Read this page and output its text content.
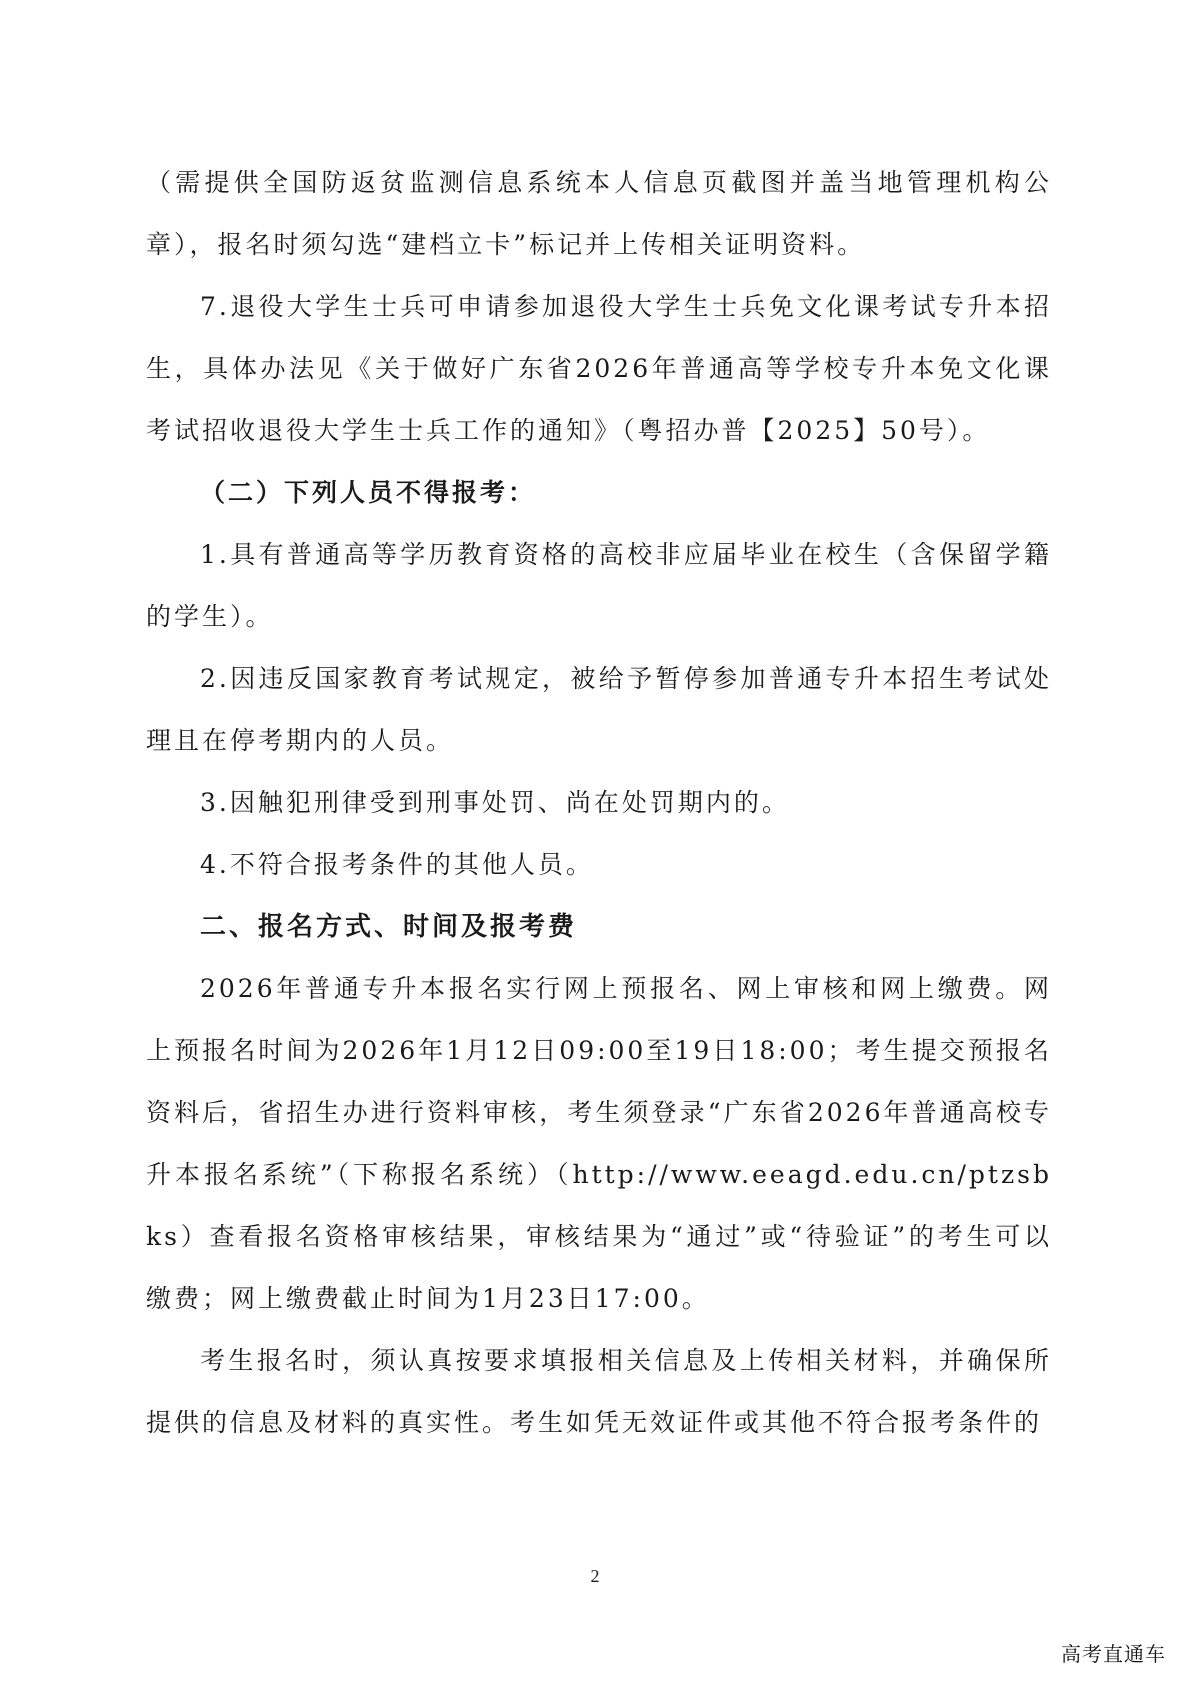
（需提供全国防返贫监测信息系统本人信息页截图并盖当地管理机构公章），报名时须勾选“建档立卡”标记并上传相关证明资料。

7.退役大学生士兵可申请参加退役大学生士兵免文化课考试专升本招生，具体办法见《关于做好广东省2026年普通高等学校专升本免文化课考试招收退役大学生士兵工作的通知》（粤招办普【2025】50号）。

（二）下列人员不得报考：

1.具有普通高等学历教育资格的高校非应届毕业在校生（含保留学籍的学生）。

2.因违反国家教育考试规定，被给予暂停参加普通专升本招生考试处理且在停考期内的人员。

3.因触犯刑律受到刑事处罚、尚在处罚期内的。

4.不符合报考条件的其他人员。

二、报名方式、时间及报考费

2026年普通专升本报名实行网上预报名、网上审核和网上缴费。网上预报名时间为2026年1月12日09:00至19日18:00；考生提交预报名资料后，省招生办进行资料审核，考生须登录“广东省2026年普通高校专升本报名系统”（下称报名系统）（http://www.eeagd.edu.cn/ptzsbks）查看报名资格审核结果，审核结果为“通过”或“待验证”的考生可以缴费；网上缴费截止时间为1月23日17:00。

考生报名时，须认真按要求填报相关信息及上传相关材料，并确保所提供的信息及材料的真实性。考生如凭无效证件或其他不符合报考条件的

2
高考直通车
